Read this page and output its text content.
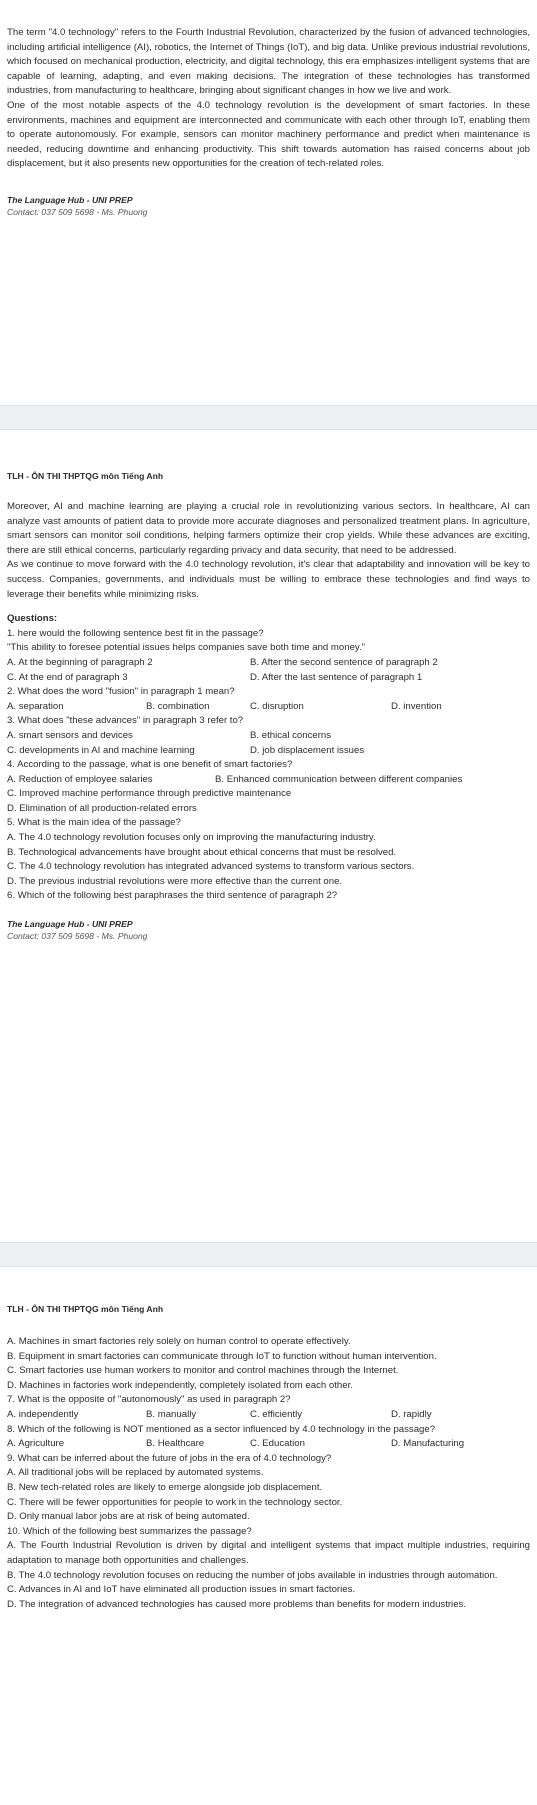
The term "4.0 technology" refers to the Fourth Industrial Revolution, characterized by the fusion of advanced technologies, including artificial intelligence (AI), robotics, the Internet of Things (IoT), and big data. Unlike previous industrial revolutions, which focused on mechanical production, electricity, and digital technology, this era emphasizes intelligent systems that are capable of learning, adapting, and even making decisions. The integration of these technologies has transformed industries, from manufacturing to healthcare, bringing about significant changes in how we live and work.

One of the most notable aspects of the 4.0 technology revolution is the development of smart factories. In these environments, machines and equipment are interconnected and communicate with each other through IoT, enabling them to operate autonomously. For example, sensors can monitor machinery performance and predict when maintenance is needed, reducing downtime and enhancing productivity. This shift towards automation has raised concerns about job displacement, but it also presents new opportunities for the creation of tech-related roles.

The Language Hub - UNI PREP
Contact: 037 509 5698 - Ms. Phuong
TLH - ÔN THI THPTQG môn Tiếng Anh

Moreover, AI and machine learning are playing a crucial role in revolutionizing various sectors. In healthcare, AI can analyze vast amounts of patient data to provide more accurate diagnoses and personalized treatment plans. In agriculture, smart sensors can monitor soil conditions, helping farmers optimize their crop yields. While these advances are exciting, there are still ethical concerns, particularly regarding privacy and data security, that need to be addressed.

As we continue to move forward with the 4.0 technology revolution, it's clear that adaptability and innovation will be key to success. Companies, governments, and individuals must be willing to embrace these technologies and find ways to leverage their benefits while minimizing risks.

Questions:
1. here would the following sentence best fit in the passage?
"This ability to foresee potential issues helps companies save both time and money."
A. At the beginning of paragraph 2	B. After the second sentence of paragraph 2
C. At the end of paragraph 3	D. After the last sentence of paragraph 1
2. What does the word "fusion" in paragraph 1 mean?
A. separation	B. combination	C. disruption	D. invention
3. What does "these advances" in paragraph 3 refer to?
A. smart sensors and devices	B. ethical concerns
C. developments in AI and machine learning	D. job displacement issues
4. According to the passage, what is one benefit of smart factories?
A. Reduction of employee salaries	B. Enhanced communication between different companies
C. Improved machine performance through predictive maintenance
D. Elimination of all production-related errors
5. What is the main idea of the passage?
A. The 4.0 technology revolution focuses only on improving the manufacturing industry.
B. Technological advancements have brought about ethical concerns that must be resolved.
C. The 4.0 technology revolution has integrated advanced systems to transform various sectors.
D. The previous industrial revolutions were more effective than the current one.
6. Which of the following best paraphrases the third sentence of paragraph 2?
The Language Hub - UNI PREP
Contact: 037 509 5698 - Ms. Phuong
TLH - ÔN THI THPTQG môn Tiếng Anh
A. Machines in smart factories rely solely on human control to operate effectively.

B. Equipment in smart factories can communicate through IoT to function without human intervention.

C. Smart factories use human workers to monitor and control machines through the Internet.
D. Machines in factories work independently, completely isolated from each other.
7. What is the opposite of "autonomously" as used in paragraph 2?
A. independently	B. manually	C. efficiently	D. rapidly
8. Which of the following is NOT mentioned as a sector influenced by 4.0 technology in the passage?
A. Agriculture	B. Healthcare	C. Education	D. Manufacturing
9. What can be inferred about the future of jobs in the era of 4.0 technology?
A. All traditional jobs will be replaced by automated systems.
B. New tech-related roles are likely to emerge alongside job displacement.
C. There will be fewer opportunities for people to work in the technology sector.
D. Only manual labor jobs are at risk of being automated.
10. Which of the following best summarizes the passage?

A. The Fourth Industrial Revolution is driven by digital and intelligent systems that impact multiple industries, requiring adaptation to manage both opportunities and challenges.

B. The 4.0 technology revolution focuses on reducing the number of jobs available in industries through automation.

C. Advances in AI and IoT have eliminated all production issues in smart factories.

D. The integration of advanced technologies has caused more problems than benefits for modern industries.
